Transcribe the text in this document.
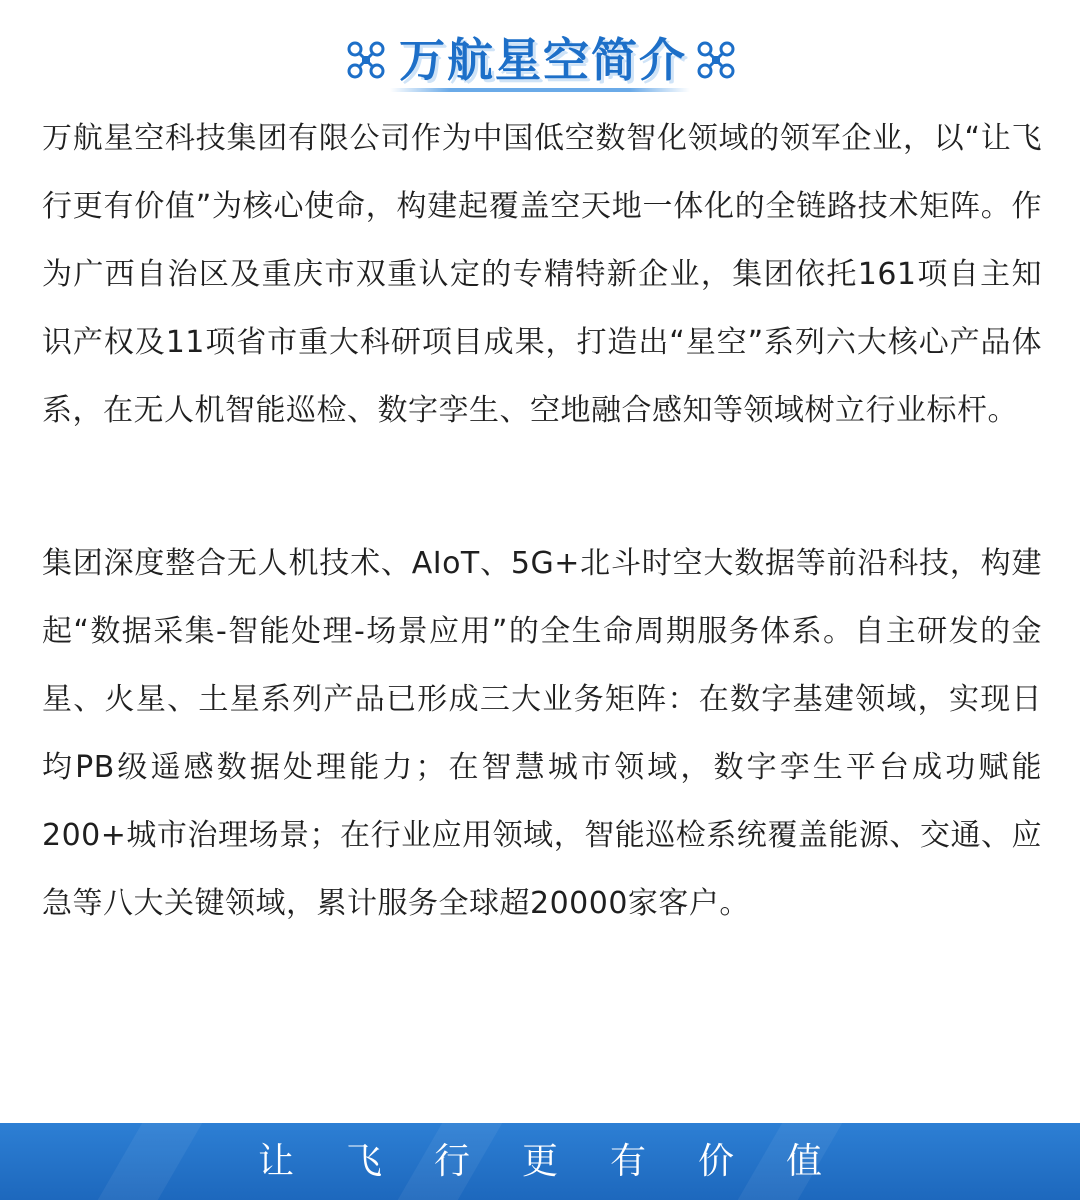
万航星空简介

万航星空科技集团有限公司作为中国低空数智化领域的领军企业，以“让飞行更有价值”为核心使命，构建起覆盖空天地一体化的全链路技术矩阵。作为广西自治区及重庆市双重认定的专精特新企业，集团依托161项自主知识产权及11项省市重大科研项目成果，打造出“星空”系列六大核心产品体系，在无人机智能巡检、数字孪生、空地融合感知等领域树立行业标杆。

集团深度整合无人机技术、AIoT、5G+北斗时空大数据等前沿科技，构建起“数据采集-智能处理-场景应用”的全生命周期服务体系。自主研发的金星、火星、土星系列产品已形成三大业务矩阵：在数字基建领域，实现日均PB级遥感数据处理能力；在智慧城市领域，数字孪生平台成功赋能200+城市治理场景；在行业应用领域，智能巡检系统覆盖能源、交通、应急等八大关键领域，累计服务全球超20000家客户。

让飞行更有价值
